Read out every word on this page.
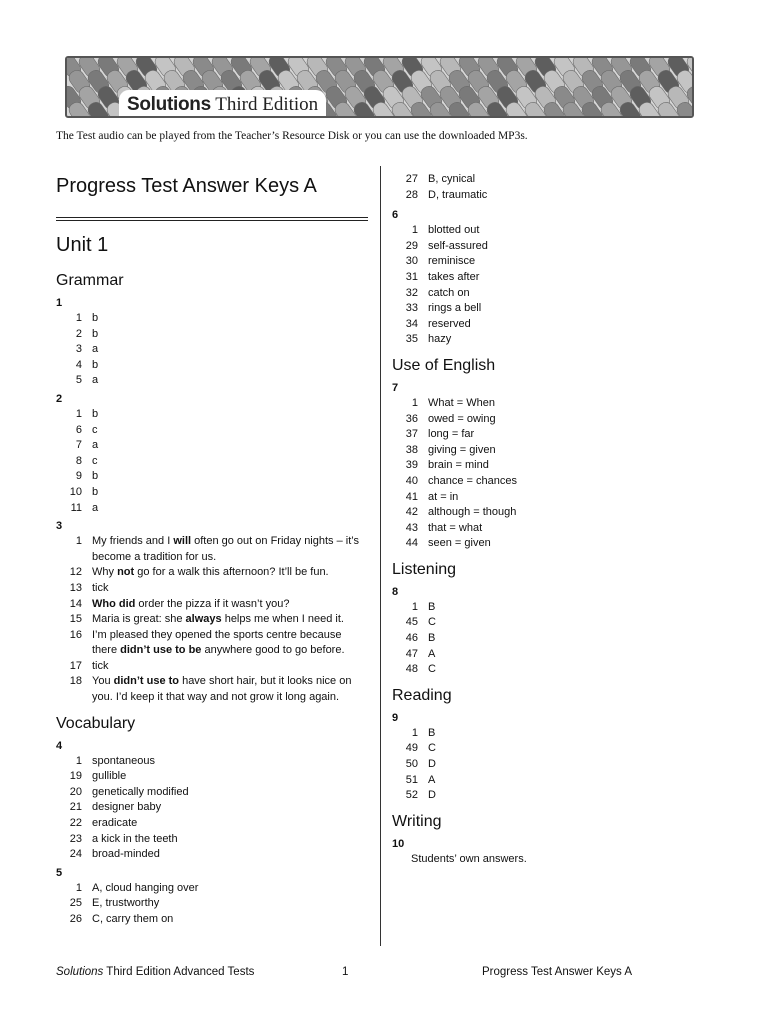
Solutions Third Edition
The Test audio can be played from the Teacher’s Resource Disk or you can use the downloaded MP3s.
Progress Test Answer Keys A
Unit 1
Grammar
1
1 b
2 b
3 a
4 b
5 a
2
1 b
6 c
7 a
8 c
9 b
10 b
11 a
3
1 My friends and I will often go out on Friday nights – it’s become a tradition for us.
12 Why not go for a walk this afternoon? It’ll be fun.
13 tick
14 Who did order the pizza if it wasn’t you?
15 Maria is great: she always helps me when I need it.
16 I’m pleased they opened the sports centre because there didn’t use to be anywhere good to go before.
17 tick
18 You didn’t use to have short hair, but it looks nice on you. I’d keep it that way and not grow it long again.
Vocabulary
4
1 spontaneous
19 gullible
20 genetically modified
21 designer baby
22 eradicate
23 a kick in the teeth
24 broad-minded
5
1 A, cloud hanging over
25 E, trustworthy
26 C, carry them on
27 B, cynical
28 D, traumatic
6
1 blotted out
29 self-assured
30 reminisce
31 takes after
32 catch on
33 rings a bell
34 reserved
35 hazy
Use of English
7
1 What = When
36 owed = owing
37 long = far
38 giving = given
39 brain = mind
40 chance = chances
41 at = in
42 although = though
43 that = what
44 seen = given
Listening
8
1 B
45 C
46 B
47 A
48 C
Reading
9
1 B
49 C
50 D
51 A
52 D
Writing
10
Students’ own answers.
Solutions Third Edition Advanced Tests	1	Progress Test Answer Keys A
